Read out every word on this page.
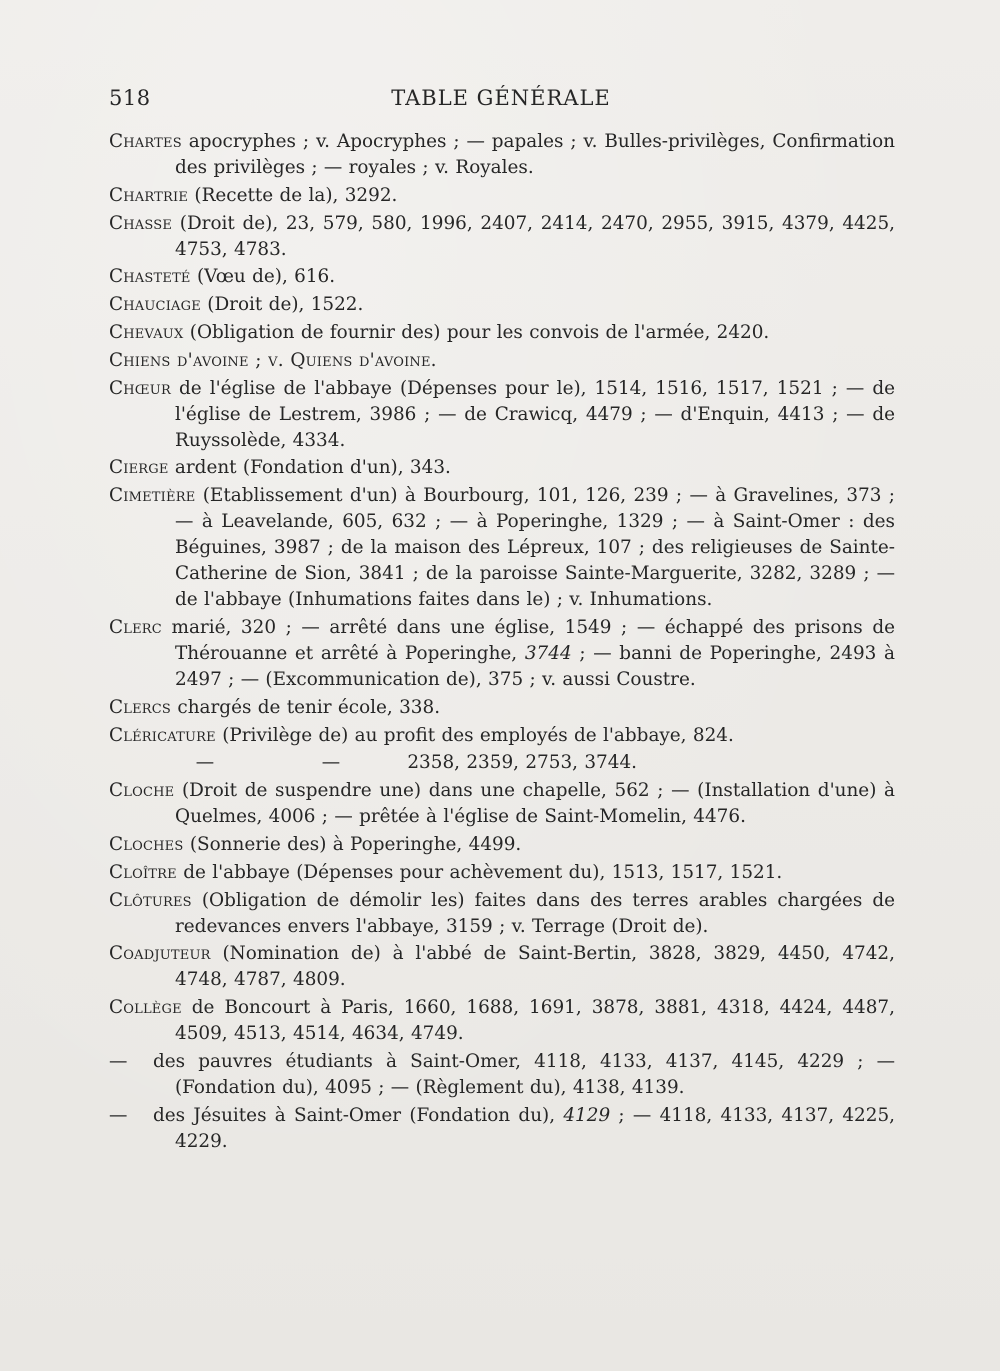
518	TABLE GÉNÉRALE
Chartes apocryphes ; v. Apocryphes ; — papales ; v. Bulles-privilèges, Confirmation des privilèges ; — royales ; v. Royales.
Chartrie (Recette de la), 3292.
Chasse (Droit de), 23, 579, 580, 1996, 2407, 2414, 2470, 2955, 3915, 4379, 4425, 4753, 4783.
Chasteté (Vœu de), 616.
Chauciage (Droit de), 1522.
Chevaux (Obligation de fournir des) pour les convois de l'armée, 2420.
Chiens d'avoine ; v. Quiens d'avoine.
Chœur de l'église de l'abbaye (Dépenses pour le), 1514, 1516, 1517, 1521 ; — de l'église de Lestrem, 3986 ; — de Crawicq, 4479 ; — d'Enquin, 4413 ; — de Ruyssolède, 4334.
Cierge ardent (Fondation d'un), 343.
Cimetière (Etablissement d'un) à Bourbourg, 101, 126, 239 ; — à Gravelines, 373 ; — à Leavelande, 605, 632 ; — à Poperinghe, 1329 ; — à Saint-Omer : des Béguines, 3987 ; de la maison des Lépreux, 107 ; des religieuses de Sainte-Catherine de Sion, 3841 ; de la paroisse Sainte-Marguerite, 3282, 3289 ; — de l'abbaye (Inhumations faites dans le) ; v. Inhumations.
Clerc marié, 320 ; — arrêté dans une église, 1549 ; — échappé des prisons de Thérouanne et arrêté à Poperinghe, 3744 ; — banni de Poperinghe, 2493 à 2497 ; — (Excommunication de), 375 ; v. aussi Coustre.
Clercs chargés de tenir école, 338.
Cléricature (Privilège de) au profit des employés de l'abbaye, 824.
—	—	2358, 2359, 2753, 3744.
Cloche (Droit de suspendre une) dans une chapelle, 562 ; — (Installation d'une) à Quelmes, 4006 ; — prêtée à l'église de Saint-Momelin, 4476.
Cloches (Sonnerie des) à Poperinghe, 4499.
Cloître de l'abbaye (Dépenses pour achèvement du), 1513, 1517, 1521.
Clôtures (Obligation de démolir les) faites dans des terres arables chargées de redevances envers l'abbaye, 3159 ; v. Terrage (Droit de).
Coadjuteur (Nomination de) à l'abbé de Saint-Bertin, 3828, 3829, 4450, 4742, 4748, 4787, 4809.
Collège de Boncourt à Paris, 1660, 1688, 1691, 3878, 3881, 4318, 4424, 4487, 4509, 4513, 4514, 4634, 4749.
— des pauvres étudiants à Saint-Omer, 4118, 4133, 4137, 4145, 4229 ; — (Fondation du), 4095 ; — (Règlement du), 4138, 4139.
— des Jésuites à Saint-Omer (Fondation du), 4129 ; — 4118, 4133, 4137, 4225, 4229.
